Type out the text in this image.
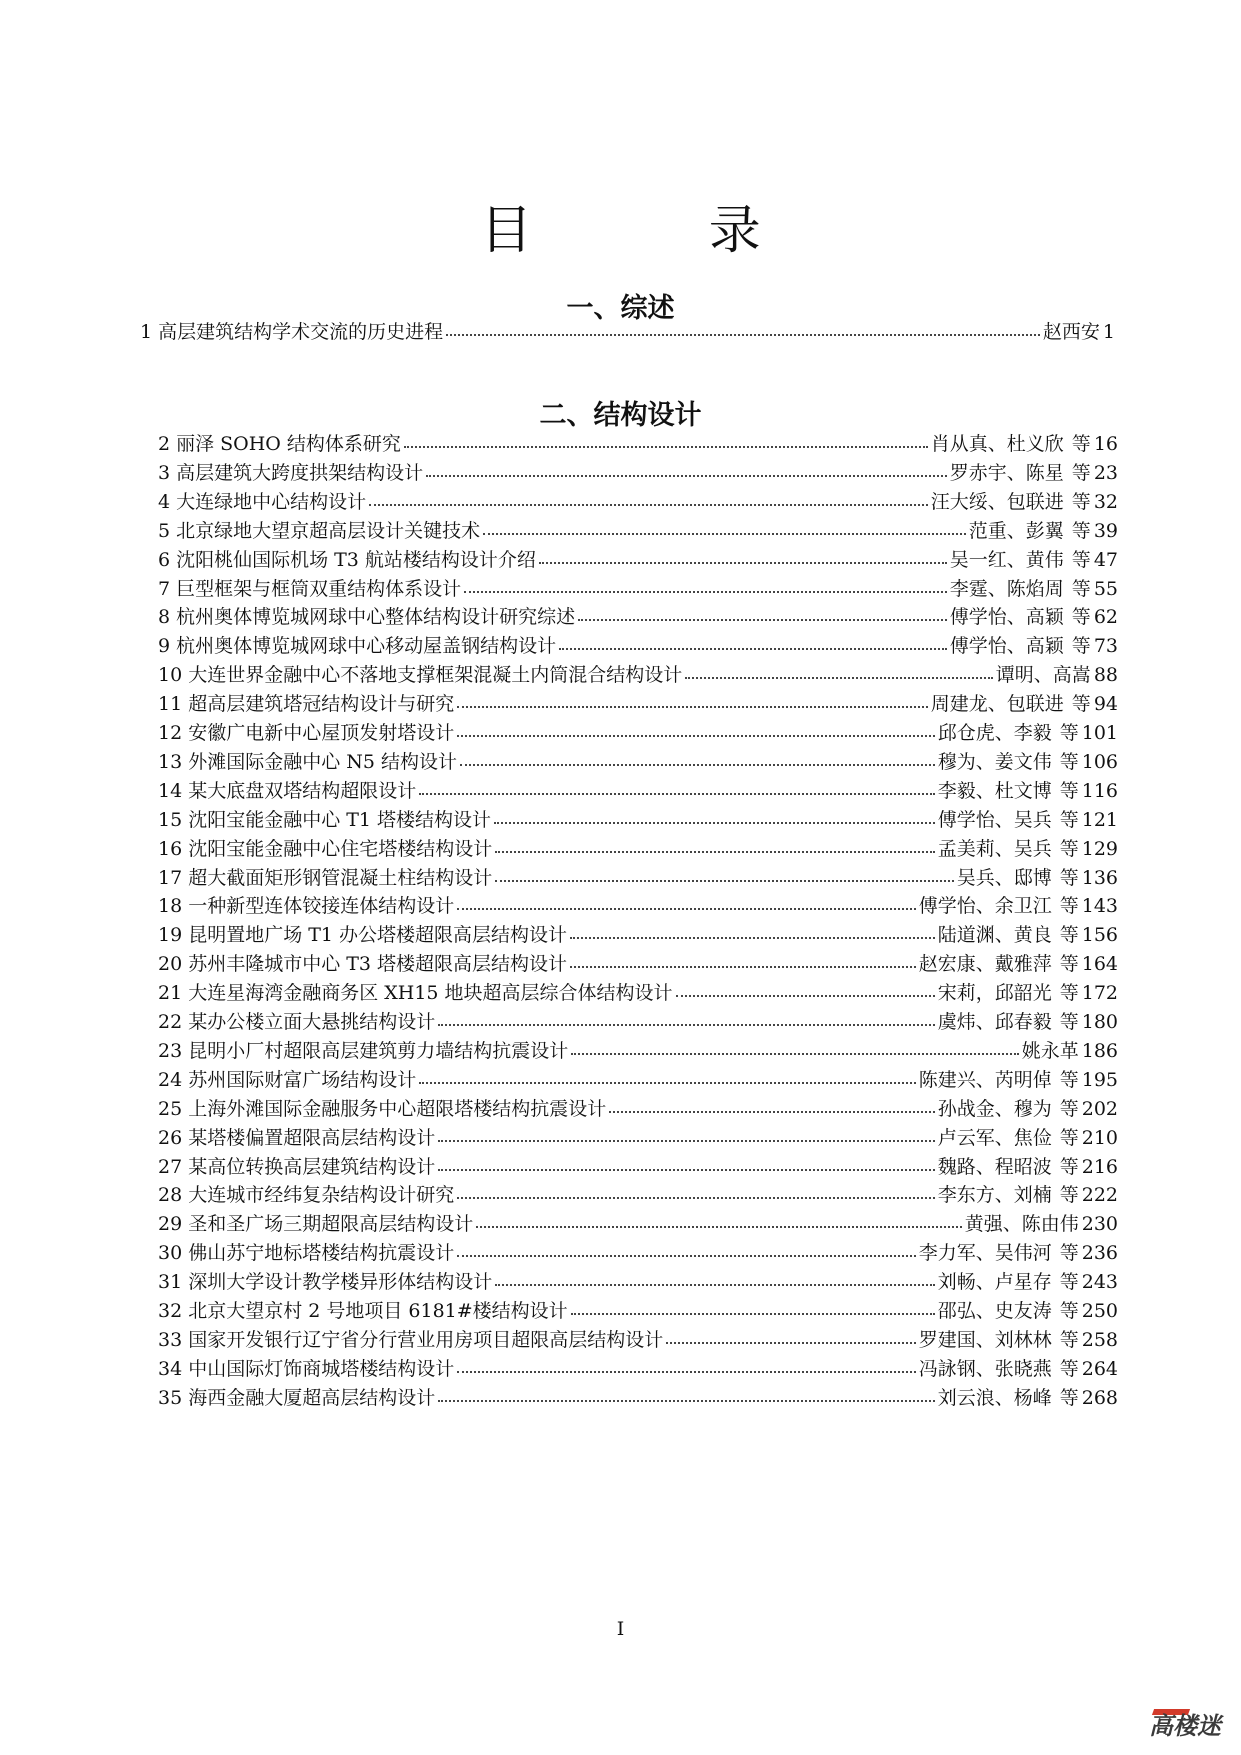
目 录
一、综述
1 高层建筑结构学术交流的历史进程	赵西安 1
二、结构设计
2 丽泽 SOHO 结构体系研究	肖从真、杜义欣 等 16
3 高层建筑大跨度拱架结构设计	罗赤宇、陈星 等 23
4 大连绿地中心结构设计	汪大绥、包联进 等 32
5 北京绿地大望京超高层设计关键技术	范重、彭翼 等 39
6 沈阳桃仙国际机场 T3 航站楼结构设计介绍	吴一红、黄伟 等 47
7 巨型框架与框筒双重结构体系设计	李霆、陈焰周 等 55
8 杭州奥体博览城网球中心整体结构设计研究综述	傅学怡、高颖 等 62
9 杭州奥体博览城网球中心移动屋盖钢结构设计	傅学怡、高颖 等 73
10 大连世界金融中心不落地支撑框架混凝土内筒混合结构设计	谭明、高嵩 88
11 超高层建筑塔冠结构设计与研究	周建龙、包联进 等 94
12 安徽广电新中心屋顶发射塔设计	邱仓虎、李毅 等 101
13 外滩国际金融中心 N5 结构设计	穆为、姜文伟 等 106
14 某大底盘双塔结构超限设计	李毅、杜文博 等 116
15 沈阳宝能金融中心 T1 塔楼结构设计	傅学怡、吴兵 等 121
16 沈阳宝能金融中心住宅塔楼结构设计	孟美莉、吴兵 等 129
17 超大截面矩形钢管混凝土柱结构设计	吴兵、邸博 等 136
18 一种新型连体铰接连体结构设计	傅学怡、余卫江 等 143
19 昆明置地广场 T1 办公塔楼超限高层结构设计	陆道渊、黄良 等 156
20 苏州丰隆城市中心 T3 塔楼超限高层结构设计	赵宏康、戴雅萍 等 164
21 大连星海湾金融商务区 XH15 地块超高层综合体结构设计	宋莉，邱韶光 等 172
22 某办公楼立面大悬挑结构设计	虞炜、邱春毅 等 180
23 昆明小厂村超限高层建筑剪力墙结构抗震设计	姚永革 186
24 苏州国际财富广场结构设计	陈建兴、芮明倬 等 195
25 上海外滩国际金融服务中心超限塔楼结构抗震设计	孙战金、穆为 等 202
26 某塔楼偏置超限高层结构设计	卢云军、焦俭 等 210
27 某高位转换高层建筑结构设计	魏路、程昭波 等 216
28 大连城市经纬复杂结构设计研究	李东方、刘楠 等 222
29 圣和圣广场三期超限高层结构设计	黄强、陈由伟 230
30 佛山苏宁地标塔楼结构抗震设计	李力军、吴伟河 等 236
31 深圳大学设计教学楼异形体结构设计	刘畅、卢星存 等 243
32 北京大望京村 2 号地项目 6181#楼结构设计	邵弘、史友涛 等 250
33 国家开发银行辽宁省分行营业用房项目超限高层结构设计	罗建国、刘林林 等 258
34 中山国际灯饰商城塔楼结构设计	冯詠钢、张晓燕 等 264
35 海西金融大厦超高层结构设计	刘云浪、杨峰 等 268
I
高楼迷
